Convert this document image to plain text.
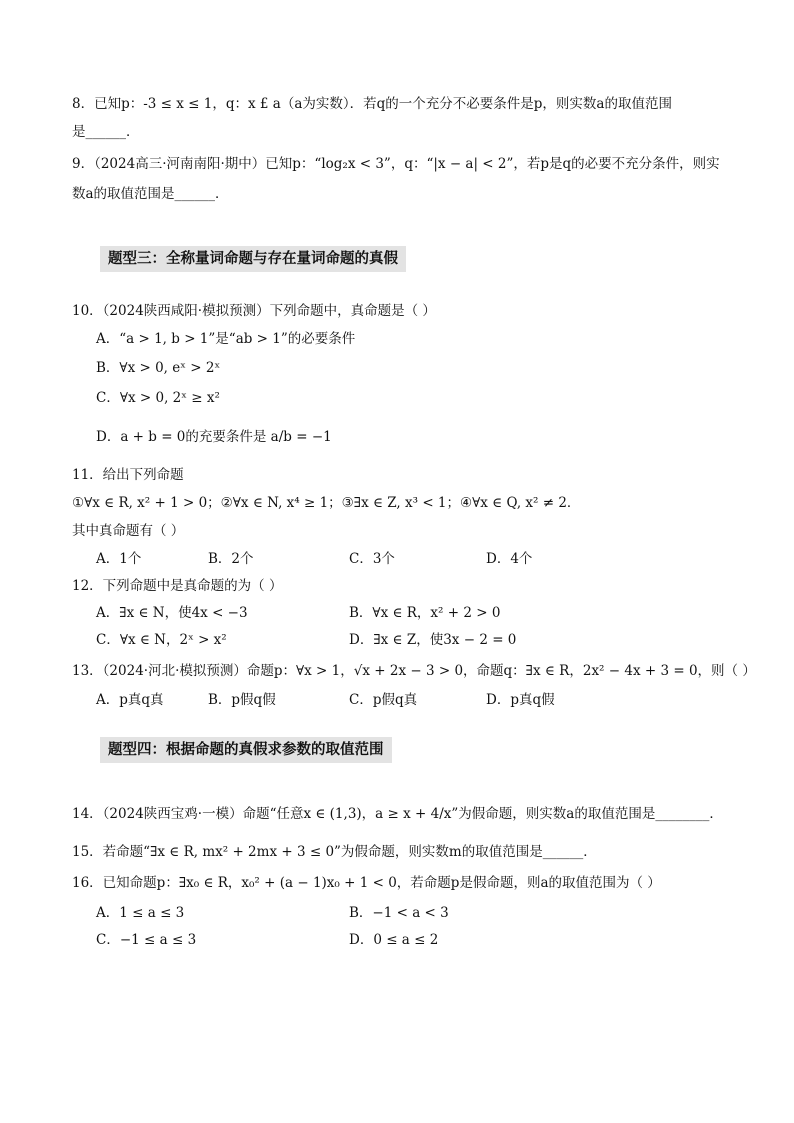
8．已知p：-3 ≤ x ≤ 1，q：x £ a（a为实数）．若q的一个充分不必要条件是p，则实数a的取值范围
是______．
9．（2024高三·河南南阳·期中）已知p：“log₂x < 3”，q：“|x − a| < 2”，若p是q的必要不充分条件，则实
数a的取值范围是______．
题型三：全称量词命题与存在量词命题的真假
10．（2024陕西咸阳·模拟预测）下列命题中，真命题是（ ）
A．“a > 1, b > 1”是“ab > 1”的必要条件
B．∀x > 0, eˣ > 2ˣ
C．∀x > 0, 2ˣ ≥ x²
D．a + b = 0的充要条件是 a/b = −1
11．给出下列命题
①∀x ∈ R, x² + 1 > 0；②∀x ∈ N, x⁴ ≥ 1；③∃x ∈ Z, x³ < 1；④∀x ∈ Q, x² ≠ 2．
其中真命题有（ ）
A．1个	B．2个	C．3个	D．4个
12．下列命题中是真命题的为（ ）
A．∃x ∈ N，使4x < −3	B．∀x ∈ R，x² + 2 > 0
C．∀x ∈ N，2ˣ > x²	D．∃x ∈ Z，使3x − 2 = 0
13．（2024·河北·模拟预测）命题p：∀x > 1，√x + 2x − 3 > 0，命题q：∃x ∈ R，2x² − 4x + 3 = 0，则（ ）
A．p真q真	B．p假q假	C．p假q真	D．p真q假
题型四：根据命题的真假求参数的取值范围
14．（2024陕西宝鸡·一模）命题“任意x ∈ (1,3)，a ≥ x + 4/x”为假命题，则实数a的取值范围是________．
15．若命题“∃x ∈ R, mx² + 2mx + 3 ≤ 0”为假命题，则实数m的取值范围是______．
16．已知命题p：∃x₀ ∈ R，x₀² + (a − 1)x₀ + 1 < 0，若命题p是假命题，则a的取值范围为（ ）
A．1 ≤ a ≤ 3	B．−1 < a < 3
C．−1 ≤ a ≤ 3	D．0 ≤ a ≤ 2
